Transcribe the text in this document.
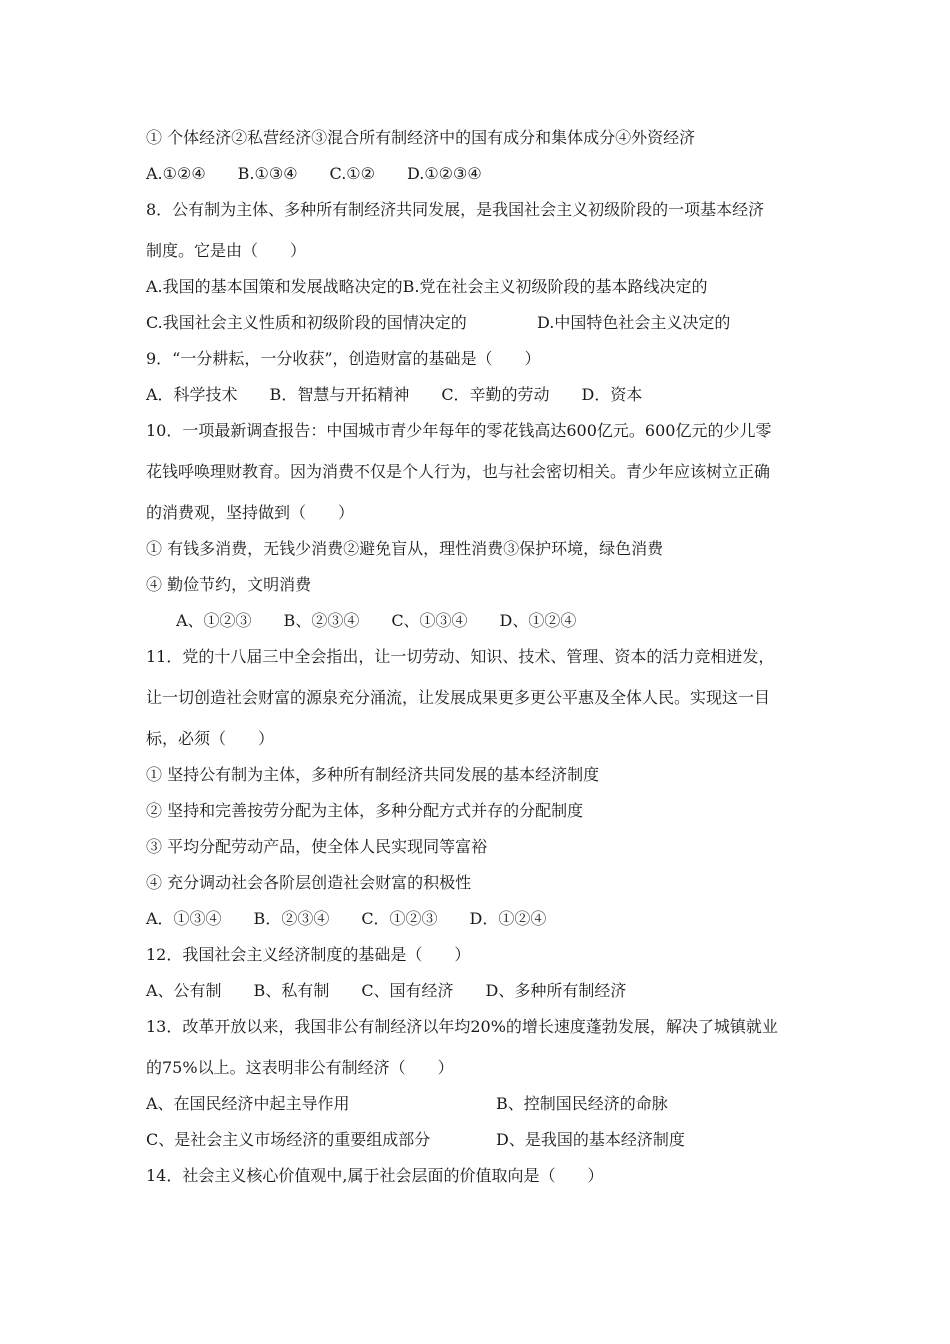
① 个体经济②私营经济③混合所有制经济中的国有成分和集体成分④外资经济
A.①②④　　B.①③④　　C.①②　　D.①②③④
8．公有制为主体、多种所有制经济共同发展，是我国社会主义初级阶段的一项基本经济
制度。它是由（　　）
A.我国的基本国策和发展战略决定的B.党在社会主义初级阶段的基本路线决定的
C.我国社会主义性质和初级阶段的国情决定的	D.中国特色社会主义决定的
9．“一分耕耘，一分收获”，创造财富的基础是（　　）
A．科学技术　　B．智慧与开拓精神　　C．辛勤的劳动　　D．资本
10．一项最新调查报告：中国城市青少年每年的零花钱高达600亿元。600亿元的少儿零
花钱呼唤理财教育。因为消费不仅是个人行为，也与社会密切相关。青少年应该树立正确
的消费观，坚持做到（　　）
① 有钱多消费，无钱少消费②避免盲从，理性消费③保护环境，绿色消费
④ 勤俭节约，文明消费
A、①②③　　B、②③④　　C、①③④　　D、①②④
11．党的十八届三中全会指出，让一切劳动、知识、技术、管理、资本的活力竞相迸发，
让一切创造社会财富的源泉充分涌流，让发展成果更多更公平惠及全体人民。实现这一目
标，必须（　　）
① 坚持公有制为主体，多种所有制经济共同发展的基本经济制度
② 坚持和完善按劳分配为主体，多种分配方式并存的分配制度
③ 平均分配劳动产品，使全体人民实现同等富裕
④ 充分调动社会各阶层创造社会财富的积极性
A．①③④　　B．②③④　　C．①②③　　D．①②④
12．我国社会主义经济制度的基础是（　　）
A、公有制　　B、私有制　　C、国有经济　　D、多种所有制经济
13．改革开放以来，我国非公有制经济以年均20%的增长速度蓬勃发展，解决了城镇就业
的75%以上。这表明非公有制经济（　　）
A、在国民经济中起主导作用	B、控制国民经济的命脉
C、是社会主义市场经济的重要组成部分	D、是我国的基本经济制度
14．社会主义核心价值观中,属于社会层面的价值取向是（　　）
